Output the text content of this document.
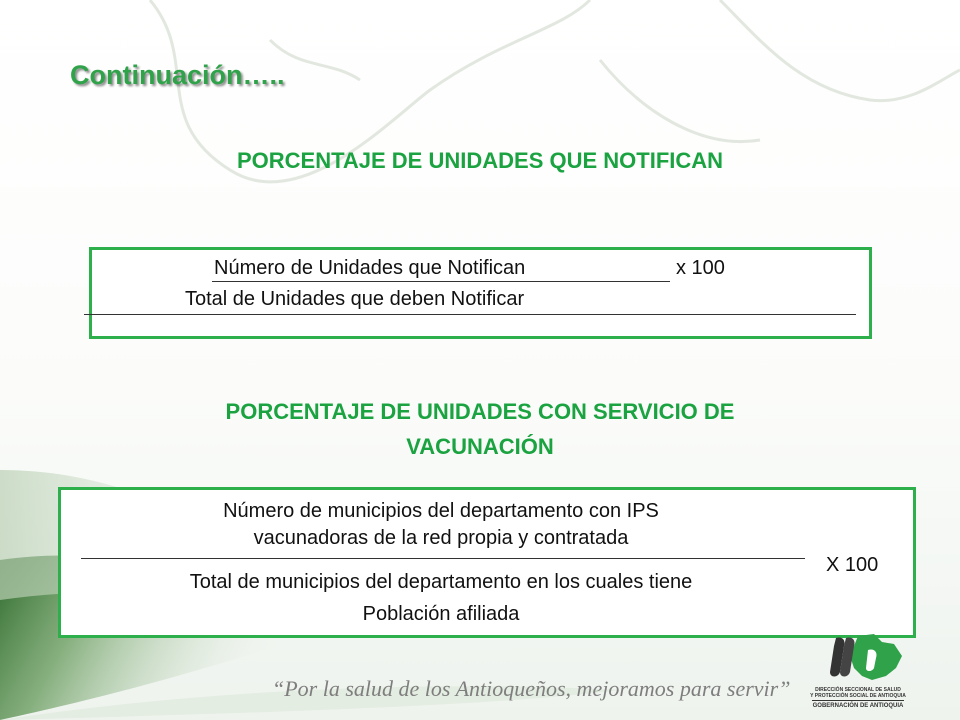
Continuación…..
PORCENTAJE DE UNIDADES QUE NOTIFICAN
Número de Unidades que Notifican	x 100
Total de Unidades que deben Notificar
PORCENTAJE DE UNIDADES CON SERVICIO DE
VACUNACIÓN
Número de municipios del departamento con IPS
vacunadoras de la red propia y contratada
Total de municipios del departamento en los cuales tiene
Población afiliada
X 100

“Por la salud de los Antioqueños, mejoramos para servir”	DIRECCIÓN SECCIONAL DE SALUD
Y PROTECCIÓN SOCIAL DE ANTIOQUIA
GOBERNACIÓN DE ANTIOQUIA
